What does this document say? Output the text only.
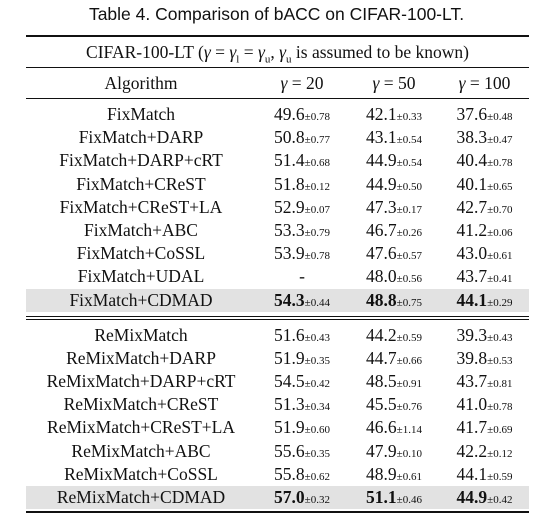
Table 4. Comparison of bACC on CIFAR-100-LT.
CIFAR-100-LT ($\gamma = \gamma_l = \gamma_u$, $\gamma_u$ is assumed to be known)
Algorithm	γ = 20	γ = 50	γ = 100
FixMatch	49.6±0.78	42.1±0.33	37.6±0.48
FixMatch+DARP	50.8±0.77	43.1±0.54	38.3±0.47
FixMatch+DARP+cRT	51.4±0.68	44.9±0.54	40.4±0.78
FixMatch+CReST	51.8±0.12	44.9±0.50	40.1±0.65
FixMatch+CReST+LA	52.9±0.07	47.3±0.17	42.7±0.70
FixMatch+ABC	53.3±0.79	46.7±0.26	41.2±0.06
FixMatch+CoSSL	53.9±0.78	47.6±0.57	43.0±0.61
FixMatch+UDAL	-	48.0±0.56	43.7±0.41
FixMatch+CDMAD	54.3±0.44	48.8±0.75	44.1±0.29
ReMixMatch	51.6±0.43	44.2±0.59	39.3±0.43
ReMixMatch+DARP	51.9±0.35	44.7±0.66	39.8±0.53
ReMixMatch+DARP+cRT	54.5±0.42	48.5±0.91	43.7±0.81
ReMixMatch+CReST	51.3±0.34	45.5±0.76	41.0±0.78
ReMixMatch+CReST+LA	51.9±0.60	46.6±1.14	41.7±0.69
ReMixMatch+ABC	55.6±0.35	47.9±0.10	42.2±0.12
ReMixMatch+CoSSL	55.8±0.62	48.9±0.61	44.1±0.59
ReMixMatch+CDMAD	57.0±0.32	51.1±0.46	44.9±0.42
